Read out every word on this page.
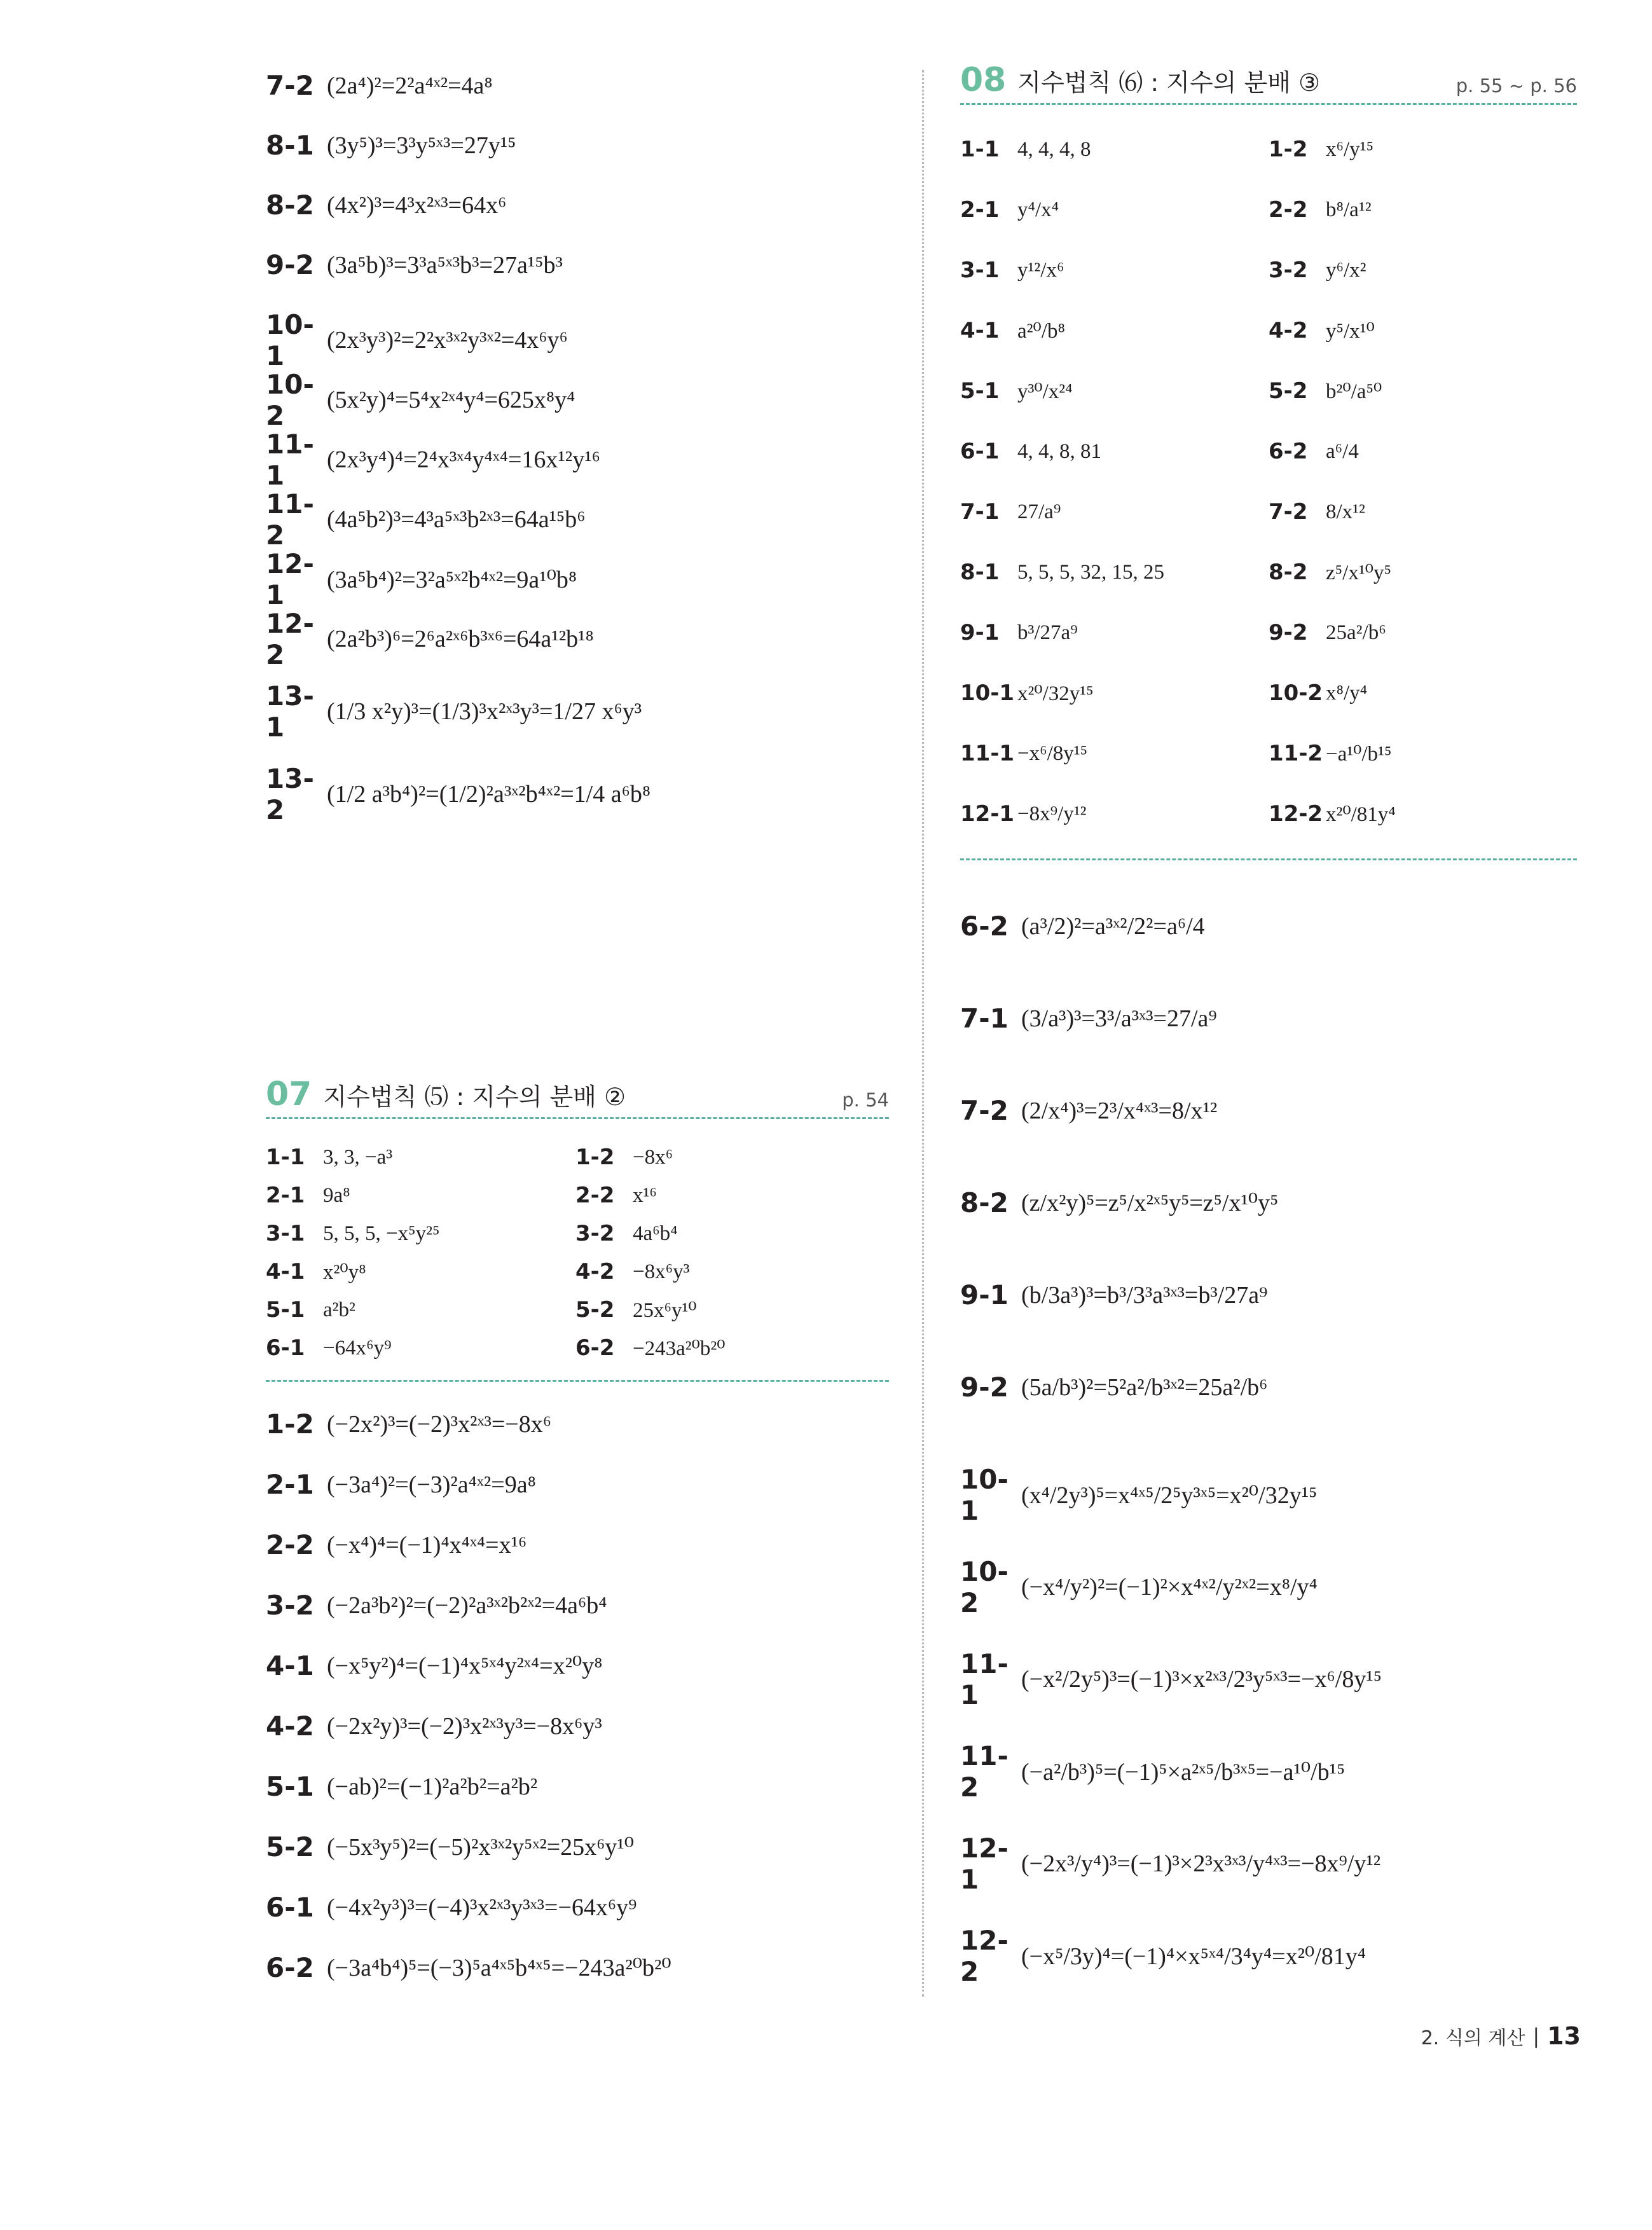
7-2 (2a⁴)²=2²a⁴ˣ²=4a⁸
8-1 (3y⁵)³=3³y⁵ˣ³=27y¹⁵
8-2 (4x²)³=4³x²ˣ³=64x⁶
9-2 (3a⁵b)³=3³a⁵ˣ³b³=27a¹⁵b³
10-1	(2x³y³)²=2²x³ˣ²y³ˣ²=4x⁶y⁶
10-2	(5x²y)⁴=5⁴x²ˣ⁴y⁴=625x⁸y⁴
11-1	(2x³y⁴)⁴=2⁴x³ˣ⁴y⁴ˣ⁴=16x¹²y¹⁶
11-2	(4a⁵b²)³=4³a⁵ˣ³b²ˣ³=64a¹⁵b⁶
12-1	(3a⁵b⁴)²=3²a⁵ˣ²b⁴ˣ²=9a¹⁰b⁸
12-2	(2a²b³)⁶=2⁶a²ˣ⁶b³ˣ⁶=64a¹²b¹⁸
13-1	(1/3 x²y)³=(1/3)³x²ˣ³y³=1/27 x⁶y³
13-2	(1/2 a³b⁴)²=(1/2)²a³ˣ²b⁴ˣ²=1/4 a⁶b⁸
07 지수법칙 ⑸ : 지수의 분배 ②	p. 54
1-1 3, 3, −a³	1-2 −8x⁶
2-1 9a⁸	2-2 x¹⁶
3-1 5, 5, 5, −x⁵y²⁵	3-2 4a⁶b⁴
4-1 x²⁰y⁸	4-2 −8x⁶y³
5-1 a²b²	5-2 25x⁶y¹⁰
6-1 −64x⁶y⁹	6-2 −243a²⁰b²⁰
1-2 (−2x²)³=(−2)³x²ˣ³=−8x⁶
2-1 (−3a⁴)²=(−3)²a⁴ˣ²=9a⁸
2-2 (−x⁴)⁴=(−1)⁴x⁴ˣ⁴=x¹⁶
3-2 (−2a³b²)²=(−2)²a³ˣ²b²ˣ²=4a⁶b⁴
4-1 (−x⁵y²)⁴=(−1)⁴x⁵ˣ⁴y²ˣ⁴=x²⁰y⁸
4-2 (−2x²y)³=(−2)³x²ˣ³y³=−8x⁶y³
5-1 (−ab)²=(−1)²a²b²=a²b²
5-2 (−5x³y⁵)²=(−5)²x³ˣ²y⁵ˣ²=25x⁶y¹⁰
6-1 (−4x²y³)³=(−4)³x²ˣ³y³ˣ³=−64x⁶y⁹
6-2 (−3a⁴b⁴)⁵=(−3)⁵a⁴ˣ⁵b⁴ˣ⁵=−243a²⁰b²⁰
08 지수법칙 ⑹ : 지수의 분배 ③	p. 55 ~ p. 56
1-1 4, 4, 4, 8	1-2 x⁶/y¹⁵
2-1 y⁴/x⁴	2-2 b⁸/a¹²
3-1 y¹²/x⁶	3-2 y⁶/x²
4-1 a²⁰/b⁸	4-2 y⁵/x¹⁰
5-1 y³⁰/x²⁴	5-2 b²⁰/a⁵⁰
6-1 4, 4, 8, 81	6-2 a⁶/4
7-1 27/a⁹	7-2 8/x¹²
8-1 5, 5, 5, 32, 15, 25	8-2 z⁵/x¹⁰y⁵
9-1 b³/27a⁹	9-2 25a²/b⁶
10-1 x²⁰/32y¹⁵	10-2 x⁸/y⁴
11-1 −x⁶/8y¹⁵	11-2 −a¹⁰/b¹⁵
12-1 −8x⁹/y¹²	12-2 x²⁰/81y⁴
6-2 (a³/2)²=a³ˣ²/2²=a⁶/4
7-1 (3/a³)³=3³/a³ˣ³=27/a⁹
7-2 (2/x⁴)³=2³/x⁴ˣ³=8/x¹²
8-2 (z/x²y)⁵=z⁵/x²ˣ⁵y⁵=z⁵/x¹⁰y⁵
9-1 (b/3a³)³=b³/3³a³ˣ³=b³/27a⁹
9-2 (5a/b³)²=5²a²/b³ˣ²=25a²/b⁶
10-1	(x⁴/2y³)⁵=x⁴ˣ⁵/2⁵y³ˣ⁵=x²⁰/32y¹⁵
10-2	(−x⁴/y²)²=(−1)²×x⁴ˣ²/y²ˣ²=x⁸/y⁴
11-1	(−x²/2y⁵)³=(−1)³×x²ˣ³/2³y⁵ˣ³=−x⁶/8y¹⁵
11-2	(−a²/b³)⁵=(−1)⁵×a²ˣ⁵/b³ˣ⁵=−a¹⁰/b¹⁵
12-1	(−2x³/y⁴)³=(−1)³×2³x³ˣ³/y⁴ˣ³=−8x⁹/y¹²
12-2	(−x⁵/3y)⁴=(−1)⁴×x⁵ˣ⁴/3⁴y⁴=x²⁰/81y⁴
2. 식의 계산 | 13
